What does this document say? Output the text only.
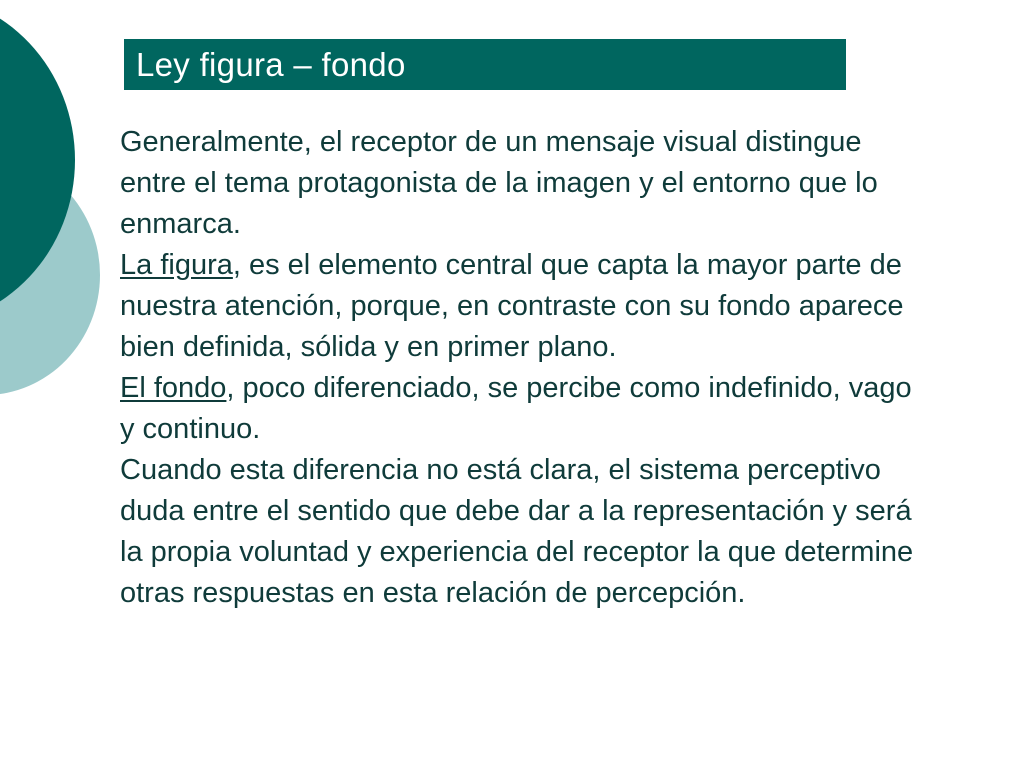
Ley figura – fondo

Generalmente, el receptor de un mensaje visual distingue entre el tema protagonista de la imagen y el entorno que lo enmarca.

La figura, es el elemento central que capta la mayor parte de nuestra atención, porque, en contraste con su fondo aparece bien definida, sólida y en primer plano.

El fondo, poco diferenciado, se percibe como indefinido, vago y continuo.

Cuando esta diferencia no está clara, el sistema perceptivo duda entre el sentido que debe dar a la representación y será la propia voluntad y experiencia del receptor la que determine otras respuestas en esta relación de percepción.
